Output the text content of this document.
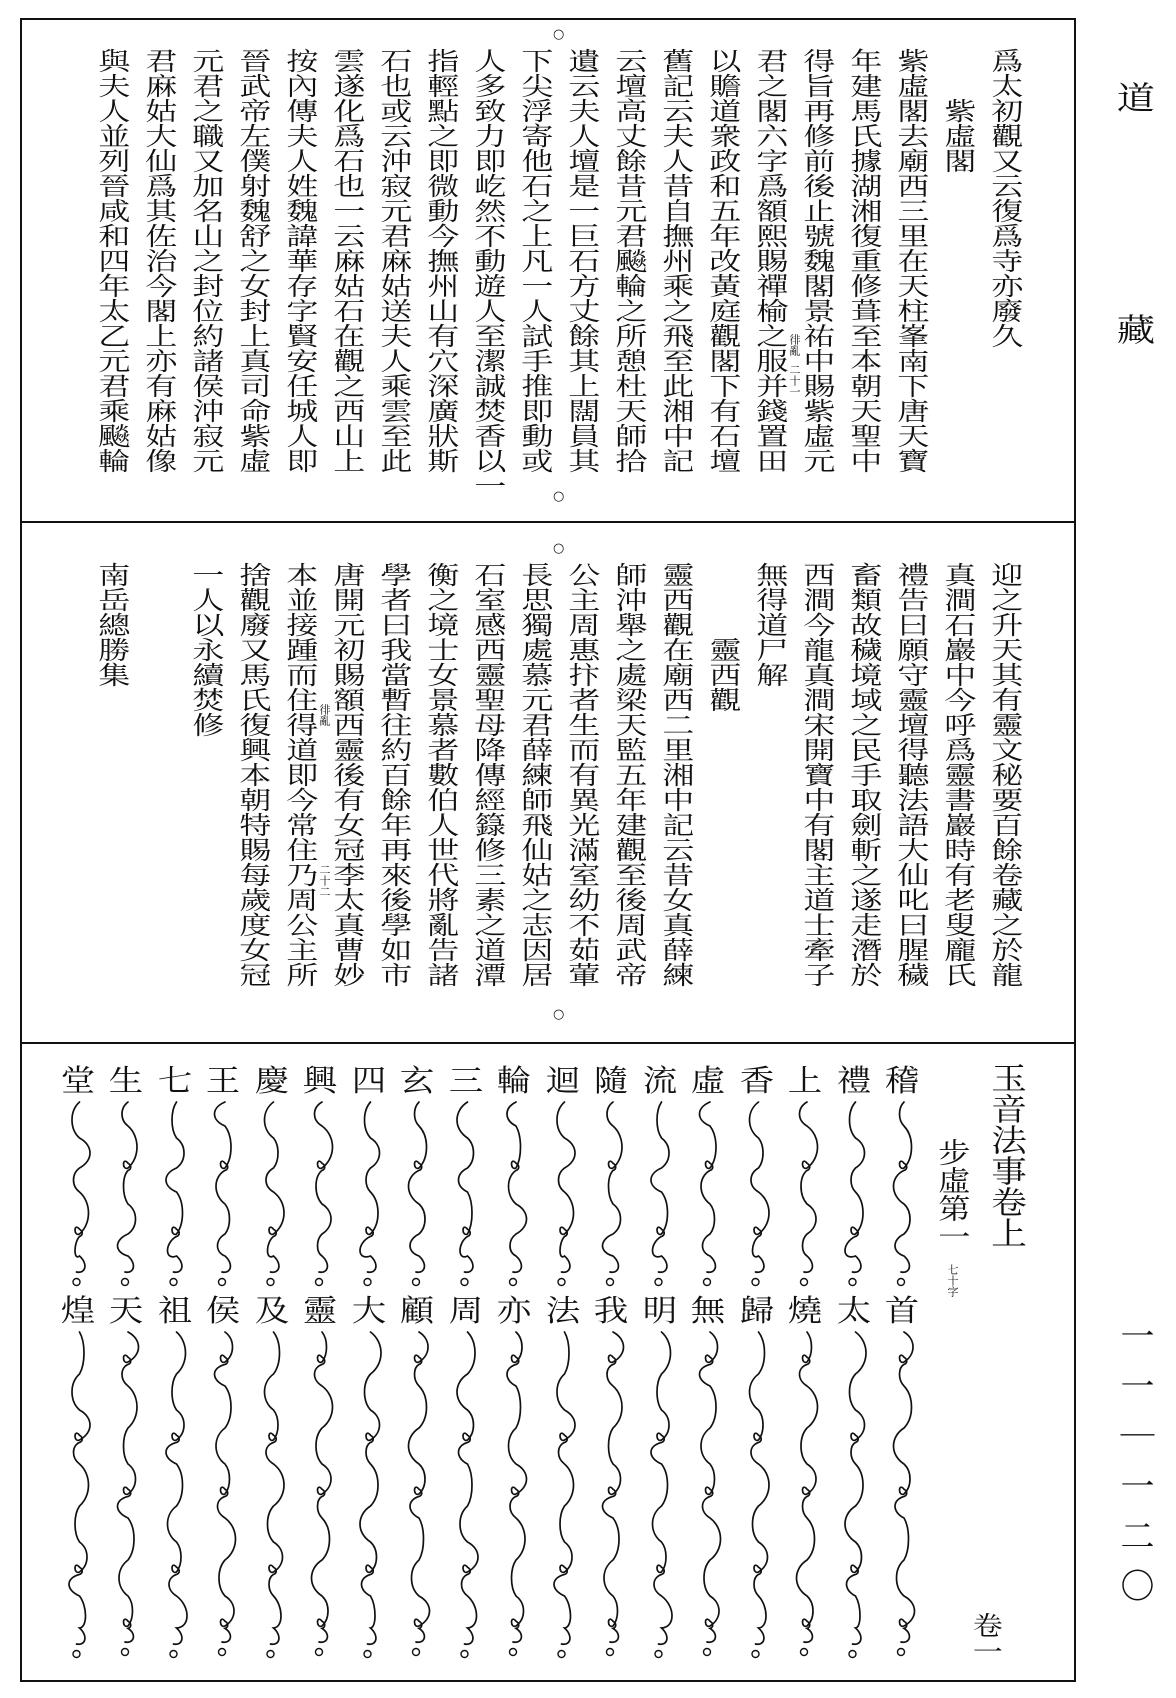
道
藏
一一｜一二〇
爲太初觀又云復爲寺亦廢久
紫虛閣
紫虛閣去廟西三里在天柱峯南下唐天寶
年建馬氏據湖湘復重修葺至本朝天聖中
得旨再修前後止號魏閣景祐中賜紫虛元
君之閣六字爲額熙賜禪榆之服并錢置田
以贍道衆政和五年改黃庭觀閣下有石壇
舊記云夫人昔自撫州乘之飛至此湘中記
云壇高丈餘昔元君飈輪之所憩杜天師拾
遺云夫人壇是一巨石方丈餘其上闊員其
下尖浮寄他石之上凡一人試手推即動或
人多致力即屹然不動遊人至潔誠焚香以一
指輕點之即微動今撫州山有穴深廣狀斯
石也或云沖寂元君麻姑送夫人乘雲至此
雲遂化爲石也一云麻姑石在觀之西山上
按內傳夫人姓魏諱華存字賢安任城人即
晉武帝左僕射魏舒之女封上真司命紫虛
元君之職又加名山之封位約諸侯沖寂元
君麻姑大仙爲其佐治今閣上亦有麻姑像
與夫人並列晉咸和四年太乙元君乘飈輪
○
○
徘亂
二十一
迎之升天其有靈文秘要百餘卷藏之於龍
真澗石巖中今呼爲靈書巖時有老叟龐氏
禮告曰願守靈壇得聽法語大仙叱曰腥穢
畜類故穢境域之民手取劍斬之遂走潛於
西澗今龍真澗宋開寶中有閣主道士牽子
無得道尸解
靈西觀
靈西觀在廟西二里湘中記云昔女真薛練
師沖舉之處梁天監五年建觀至後周武帝
公主周惠抃者生而有異光滿室幼不茹葷
長思獨處慕元君薛練師飛仙姑之志因居
石室感西靈聖母降傳經籙修三素之道潭
衡之境士女景慕者數伯人世代將亂告諸
學者曰我當暫往約百餘年再來後學如市
唐開元初賜額西靈後有女冠李太真曹妙
本並接踵而住得道即今常住乃周公主所
捨觀廢又馬氏復興本朝特賜每歲度女冠
一人以永續焚修
南岳總勝集
○
○
徘亂
二十二
玉音法事卷上
步虛第一
七十字
卷一
稽
首
禮
太
上
燒
香
歸
虛
無
流
明
隨
我
迴
法
輪
亦
三
周
玄
顧
四
大
興
靈
慶
及
王
侯
七
祖
生
天
堂
煌
